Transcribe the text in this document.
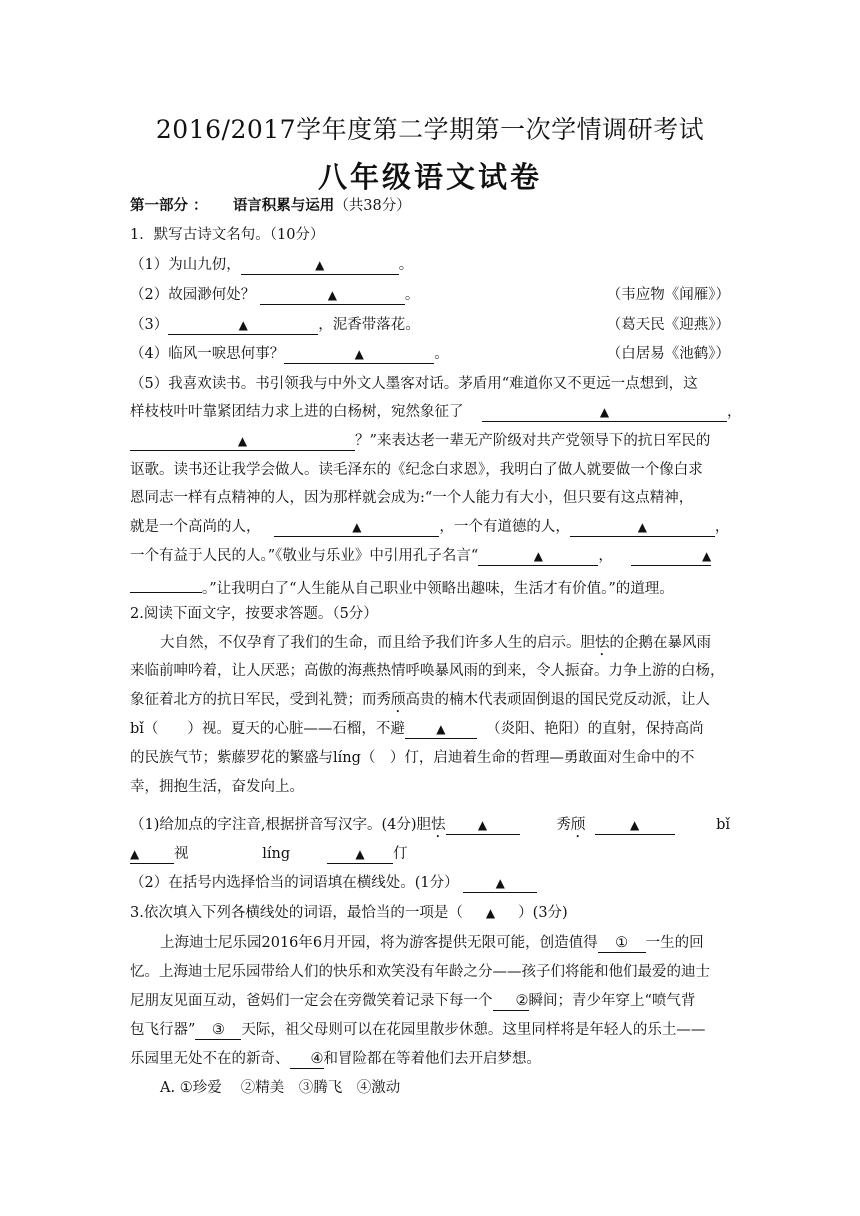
2016/2017学年度第二学期第一次学情调研考试
八年级语文试卷
第一部分 ： 语言积累与运用（共38分）
1．默写古诗文名句。（10分）
（1）为山九仞，	▲	。
（2）故园渺何处？	▲	。	（韦应物《闻雁》）
（3）	▲	，泥香带落花。	（葛天民《迎燕》）
（4）临风一唳思何事？	▲	。	（白居易《池鹤》）
（5）我喜欢读书。书引领我与中外文人墨客对话。茅盾用“难道你又不更远一点想到，这
样枝枝叶叶靠紧团结力求上进的白杨树，宛然象征了	▲	，
▲	？”来表达老一辈无产阶级对共产党领导下的抗日军民的
讴歌。读书还让我学会做人。读毛泽东的《纪念白求恩》，我明白了做人就要做一个像白求
恩同志一样有点精神的人，因为那样就会成为:“一个人能力有大小，但只要有这点精神，
就是一个高尚的人，	▲	，一个有道德的人，	▲	，
一个有益于人民的人。”《敬业与乐业》中引用孔子名言“	▲	，	▲
。”让我明白了“人生能从自己职业中领略出趣味，生活才有价值。”的道理。
2.阅读下面文字，按要求答题。（5分）
大自然，不仅孕育了我们的生命，而且给予我们许多人生的启示。胆怯的企鹅在暴风雨
来临前呻吟着，让人厌恶；高傲的海燕热情呼唤暴风雨的到来，令人振奋。力争上游的白杨，
象征着北方的抗日军民，受到礼赞；而秀颀高贵的楠木代表顽固倒退的国民党反动派，让人
bǐ（　　）视。夏天的心脏——石榴，不避	▲	（炎阳、艳阳）的直射，保持高尚
的民族气节；紫藤罗花的繁盛与líng（　）仃，启迪着生命的哲理—勇敢面对生命中的不
幸，拥抱生活，奋发向上。
（1)给加点的字注音,根据拼音写汉字。(4分)胆怯	▲	秀颀	▲	bǐ
▲ 视	líng	▲ 仃
（2）在括号内选择恰当的词语填在横线处。(1分）	▲
3.依次填入下列各横线处的词语，最恰当的一项是（ ▲ ）(3分)
上海迪士尼乐园2016年6月开园，将为游客提供无限可能，创造值得 ① 一生的回
忆。上海迪士尼乐园带给人们的快乐和欢笑没有年龄之分——孩子们将能和他们最爱的迪士
尼朋友见面互动，爸妈们一定会在旁微笑着记录下每一个 ②瞬间；青少年穿上“喷气背
包飞行器” ③ 天际，祖父母则可以在花园里散步休憩。这里同样将是年轻人的乐土——
乐园里无处不在的新奇、 ④和冒险都在等着他们去开启梦想。
A. ①珍爱　 ②精美　③腾飞　④激动
